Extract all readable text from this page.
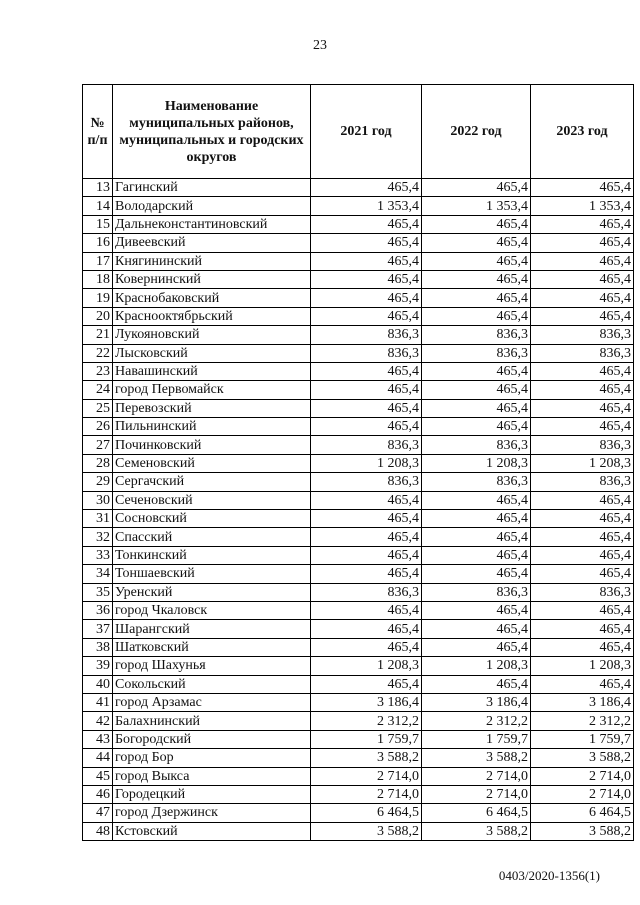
23
№ п/п	Наименование муниципальных районов, муниципальных и городских округов	2021 год	2022 год	2023 год
13	Гагинский	465,4	465,4	465,4
14	Володарский	1 353,4	1 353,4	1 353,4
15	Дальнеконстантиновский	465,4	465,4	465,4
16	Дивеевский	465,4	465,4	465,4
17	Княгининский	465,4	465,4	465,4
18	Ковернинский	465,4	465,4	465,4
19	Краснобаковский	465,4	465,4	465,4
20	Краснооктябрьский	465,4	465,4	465,4
21	Лукояновский	836,3	836,3	836,3
22	Лысковский	836,3	836,3	836,3
23	Навашинский	465,4	465,4	465,4
24	город Первомайск	465,4	465,4	465,4
25	Перевозский	465,4	465,4	465,4
26	Пильнинский	465,4	465,4	465,4
27	Починковский	836,3	836,3	836,3
28	Семеновский	1 208,3	1 208,3	1 208,3
29	Сергачский	836,3	836,3	836,3
30	Сеченовский	465,4	465,4	465,4
31	Сосновский	465,4	465,4	465,4
32	Спасский	465,4	465,4	465,4
33	Тонкинский	465,4	465,4	465,4
34	Тоншаевский	465,4	465,4	465,4
35	Уренский	836,3	836,3	836,3
36	город Чкаловск	465,4	465,4	465,4
37	Шарангский	465,4	465,4	465,4
38	Шатковский	465,4	465,4	465,4
39	город Шахунья	1 208,3	1 208,3	1 208,3
40	Сокольский	465,4	465,4	465,4
41	город Арзамас	3 186,4	3 186,4	3 186,4
42	Балахнинский	2 312,2	2 312,2	2 312,2
43	Богородский	1 759,7	1 759,7	1 759,7
44	город Бор	3 588,2	3 588,2	3 588,2
45	город Выкса	2 714,0	2 714,0	2 714,0
46	Городецкий	2 714,0	2 714,0	2 714,0
47	город Дзержинск	6 464,5	6 464,5	6 464,5
48	Кстовский	3 588,2	3 588,2	3 588,2
0403/2020-1356(1)
